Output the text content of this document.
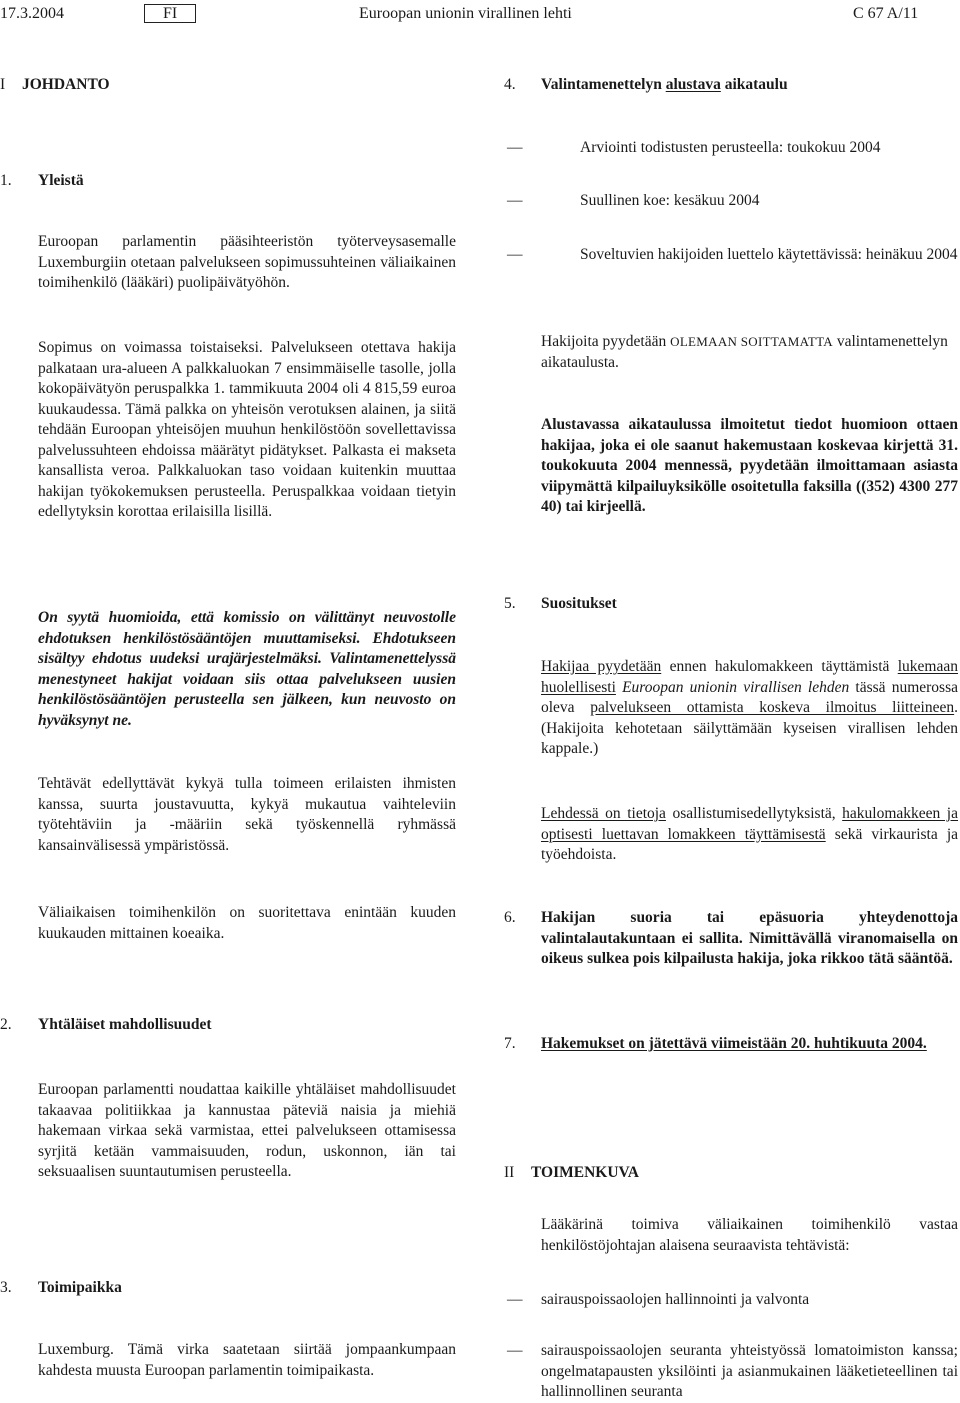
17.3.2004	FI	Euroopan unionin virallinen lehti	C 67 A/11
I JOHDANTO
1. Yleistä

Euroopan parlamentin pääsihteeristön työterveysasemalle Luxemburgiin otetaan palvelukseen sopimussuhteinen väliaikainen toimihenkilö (lääkäri) puolipäivätyöhön.

Sopimus on voimassa toistaiseksi. Palvelukseen otettava hakija palkataan ura-alueen A palkkaluokan 7 ensimmäiselle tasolle, jolla kokopäivätyön peruspalkka 1. tammikuuta 2004 oli 4 815,59 euroa kuukaudessa. Tämä palkka on yhteisön verotuksen alainen, ja siitä tehdään Euroopan yhteisöjen muuhun henkilöstöön sovellettavissa palvelussuhteen ehdoissa määrätyt pidätykset. Palkasta ei makseta kansallista veroa. Palkkaluokan taso voidaan kuitenkin muuttaa hakijan työkokemuksen perusteella. Peruspalkkaa voidaan tietyin edellytyksin korottaa erilaisilla lisillä.

On syytä huomioida, että komissio on välittänyt neuvostolle ehdotuksen henkilöstösääntöjen muuttamiseksi. Ehdotukseen sisältyy ehdotus uudeksi urajärjestelmäksi. Valintamenettelyssä menestyneet hakijat voidaan siis ottaa palvelukseen uusien henkilöstösääntöjen perusteella sen jälkeen, kun neuvosto on hyväksynyt ne.

Tehtävät edellyttävät kykyä tulla toimeen erilaisten ihmisten kanssa, suurta joustavuutta, kykyä mukautua vaihteleviin työtehtäviin ja -määriin sekä työskennellä ryhmässä kansainvälisessä ympäristössä.

Väliaikaisen toimihenkilön on suoritettava enintään kuuden kuukauden mittainen koeaika.

2. Yhtäläiset mahdollisuudet

Euroopan parlamentti noudattaa kaikille yhtäläiset mahdollisuudet takaavaa politiikkaa ja kannustaa päteviä naisia ja miehiä hakemaan virkaa sekä varmistaa, ettei palvelukseen ottamisessa syrjitä ketään vammaisuuden, rodun, uskonnon, iän tai seksuaalisen suuntautumisen perusteella.

3. Toimipaikka

Luxemburg. Tämä virka saatetaan siirtää jompaankumpaan kahdesta muusta Euroopan parlamentin toimipaikasta.

4. Valintamenettelyn alustava aikataulu
—	Arviointi todistusten perusteella: toukokuu 2004

—	Suullinen koe: kesäkuu 2004

—	Soveltuvien hakijoiden luettelo käytettävissä: heinäkuu 2004

Hakijoita pyydetään OLEMAAN SOITTAMATTA valintamenettelyn aikataulusta.

Alustavassa aikataulussa ilmoitetut tiedot huomioon ottaen hakijaa, joka ei ole saanut hakemustaan koskevaa kirjettä 31. toukokuuta 2004 mennessä, pyydetään ilmoittamaan asiasta viipymättä kilpailuyksikölle osoitetulla faksilla ((352) 4300 277 40) tai kirjeellä.

5. Suositukset

Hakijaa pyydetään ennen hakulomakkeen täyttämistä lukemaan huolellisesti Euroopan unionin virallisen lehden tässä numerossa oleva palvelukseen ottamista koskeva ilmoitus liitteineen. (Hakijoita kehotetaan säilyttämään kyseisen virallisen lehden kappale.)

Lehdessä on tietoja osallistumisedellytyksistä, hakulomakkeen ja optisesti luettavan lomakkeen täyttämisestä sekä virkaurista ja työehdoista.

6. Hakijan suoria tai epäsuoria yhteydenottoja valintalautakuntaan ei sallita. Nimittävällä viranomaisella on oikeus sulkea pois kilpailusta hakija, joka rikkoo tätä sääntöä.

7. Hakemukset on jätettävä viimeistään 20. huhtikuuta 2004.

II TOIMENKUVA

Lääkärinä toimiva väliaikainen toimihenkilö vastaa henkilöstöjohtajan alaisena seuraavista tehtävistä:

— sairauspoissaolojen hallinnointi ja valvonta

— sairauspoissaolojen seuranta yhteistyössä lomatoimiston kanssa; ongelmatapausten yksilöinti ja asianmukainen lääketieteellinen tai hallinnollinen seuranta
